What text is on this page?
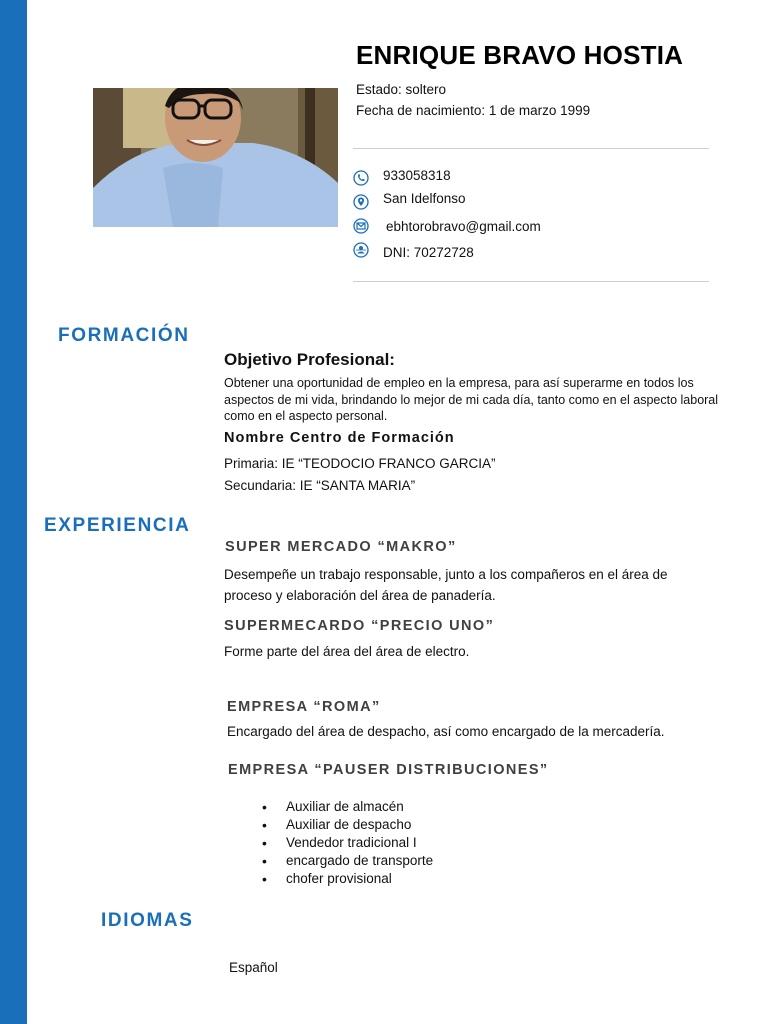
ENRIQUE BRAVO HOSTIA
Estado: soltero
Fecha de nacimiento: 1 de marzo 1999
933058318
San Idelfonso
ebhtorobravo@gmail.com
DNI: 70272728
FORMACIÓN
Objetivo Profesional:
Obtener una oportunidad de empleo en la empresa, para así superarme en todos los aspectos de mi vida, brindando lo mejor de mi cada día, tanto como en el aspecto laboral como en el aspecto personal.
Nombre Centro de Formación
Primaria: IE “TEODOCIO FRANCO GARCIA”
Secundaria: IE “SANTA MARIA”
EXPERIENCIA
SUPER MERCADO “MAKRO”
Desempeñe un trabajo responsable, junto a los compañeros en el área de proceso y elaboración del área de panadería.
SUPERMECARDO “PRECIO UNO”
Forme parte del área del área de electro.
EMPRESA “ROMA”
Encargado del área de despacho, así como encargado de la mercadería.
EMPRESA “PAUSER DISTRIBUCIONES”
• Auxiliar de almacén
• Auxiliar de despacho
• Vendedor tradicional I
• encargado de transporte
• chofer provisional
IDIOMAS
Español
